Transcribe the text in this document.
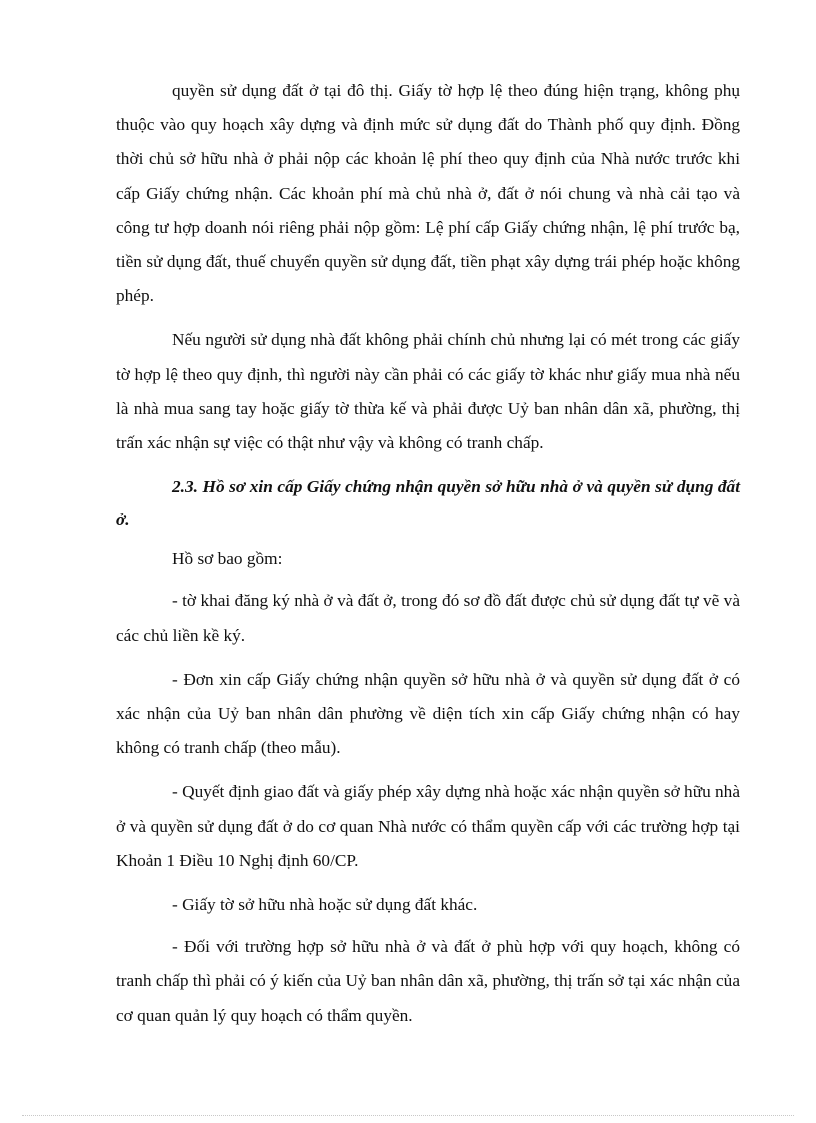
quyền sử dụng đất ở tại đô thị. Giấy tờ hợp lệ theo đúng hiện trạng, không phụ thuộc vào quy hoạch xây dựng và định mức sử dụng đất do Thành phố quy định. Đồng thời chủ sở hữu nhà ở phải nộp các khoản lệ phí theo quy định của Nhà nước trước khi cấp Giấy chứng nhận. Các khoản phí mà chủ nhà ở, đất ở nói chung và nhà cải tạo và công tư hợp doanh nói riêng phải nộp gồm: Lệ phí cấp Giấy chứng nhận, lệ phí trước bạ, tiền sử dụng đất, thuế chuyển quyền sử dụng đất, tiền phạt xây dựng trái phép hoặc không phép.

Nếu người sử dụng nhà đất không phải chính chủ nhưng lại có mét trong các giấy tờ hợp lệ theo quy định, thì người này cần phải có các giấy tờ khác như giấy mua nhà nếu là nhà mua sang tay hoặc giấy tờ thừa kế và phải được Uỷ ban nhân dân xã, phường, thị trấn xác nhận sự việc có thật như vậy và không có tranh chấp.

2.3. Hồ sơ xin cấp Giấy chứng nhận quyền sở hữu nhà ở và quyền sử dụng đất ở.

Hồ sơ bao gồm:

- tờ khai đăng ký nhà ở và đất ở, trong đó sơ đồ đất được chủ sử dụng đất tự vẽ và các chủ liền kề ký.

- Đơn xin cấp Giấy chứng nhận quyền sở hữu nhà ở và quyền sử dụng đất ở có xác nhận của Uỷ ban nhân dân phường về diện tích xin cấp Giấy chứng nhận có hay không có tranh chấp (theo mẫu).

- Quyết định giao đất và giấy phép xây dựng nhà hoặc xác nhận quyền sở hữu nhà ở và quyền sử dụng đất ở do cơ quan Nhà nước có thẩm quyền cấp với các trường hợp tại Khoản 1 Điều 10 Nghị định 60/CP.

- Giấy tờ sở hữu nhà hoặc sử dụng đất khác.

- Đối với trường hợp sở hữu nhà ở và đất ở phù hợp với quy hoạch, không có tranh chấp thì phải có ý kiến của Uỷ ban nhân dân xã, phường, thị trấn sở tại xác nhận của cơ quan quản lý quy hoạch có thẩm quyền.
